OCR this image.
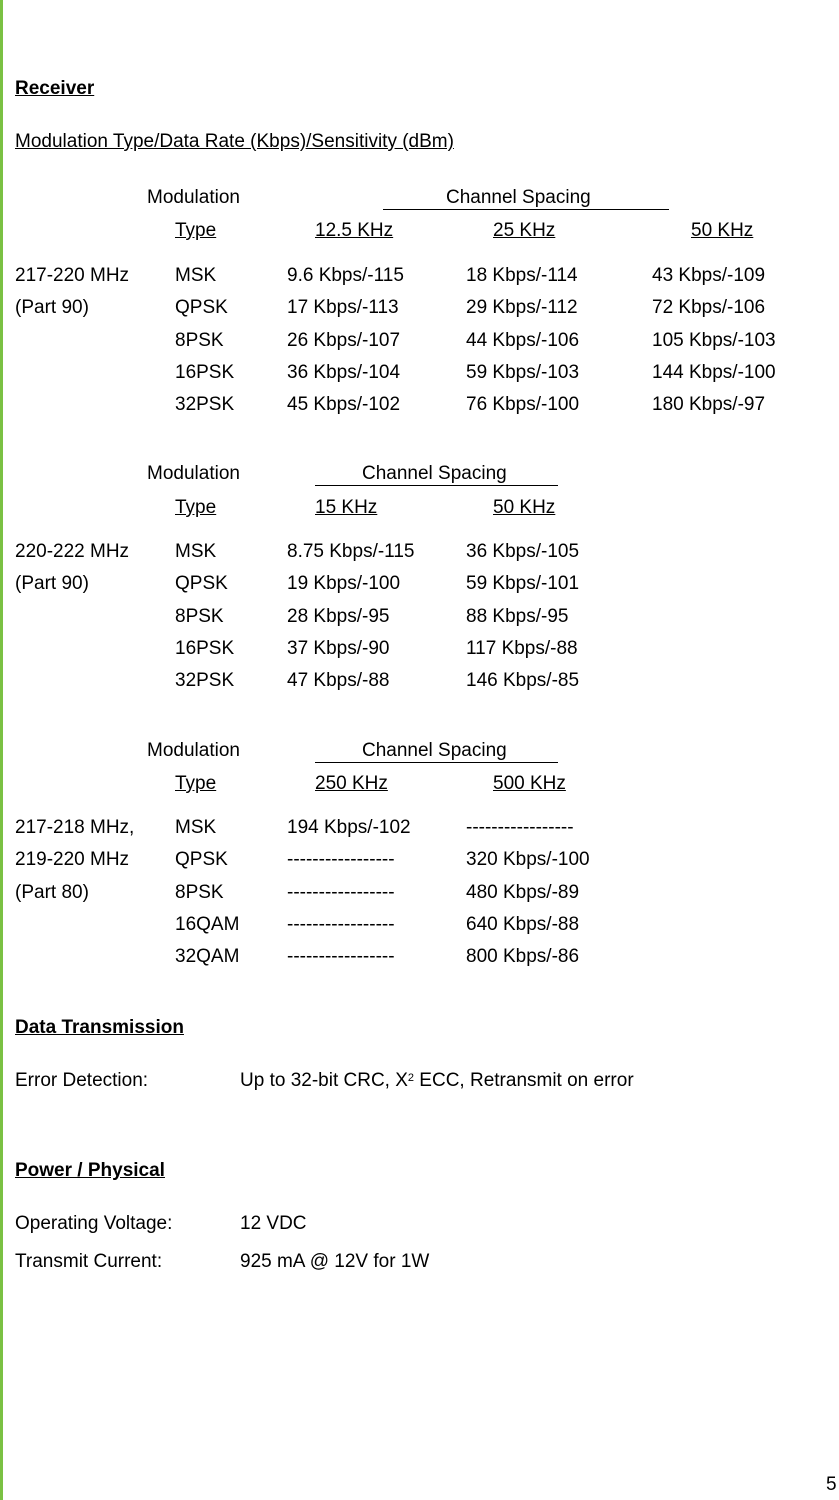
Receiver
Modulation Type/Data Rate (Kbps)/Sensitivity (dBm)
Modulation	Channel Spacing
Type	12.5 KHz	25 KHz	50 KHz
217-220 MHz
(Part 90)
MSK	9.6 Kbps/-115	18 Kbps/-114	43 Kbps/-109
QPSK	17 Kbps/-113	29 Kbps/-112	72 Kbps/-106
8PSK	26 Kbps/-107	44 Kbps/-106	105 Kbps/-103
16PSK	36 Kbps/-104	59 Kbps/-103	144 Kbps/-100
32PSK	45 Kbps/-102	76 Kbps/-100	180 Kbps/-97
Modulation	Channel Spacing
Type	15 KHz	50 KHz
220-222 MHz
(Part 90)
MSK	8.75 Kbps/-115	36 Kbps/-105
QPSK	19 Kbps/-100	59 Kbps/-101
8PSK	28 Kbps/-95	88 Kbps/-95
16PSK	37 Kbps/-90	117 Kbps/-88
32PSK	47 Kbps/-88	146 Kbps/-85
Modulation	Channel Spacing
Type	250 KHz	500 KHz
217-218 MHz,
219-220 MHz
(Part 80)
MSK	194 Kbps/-102	-----------------
QPSK	-----------------	320 Kbps/-100
8PSK	-----------------	480 Kbps/-89
16QAM	-----------------	640 Kbps/-88
32QAM	-----------------	800 Kbps/-86
Data Transmission
Error Detection:	Up to 32-bit CRC, $X^2$ ECC, Retransmit on error
Power / Physical
Operating Voltage:	12 VDC
Transmit Current:	925 mA @ 12V for 1W
5
